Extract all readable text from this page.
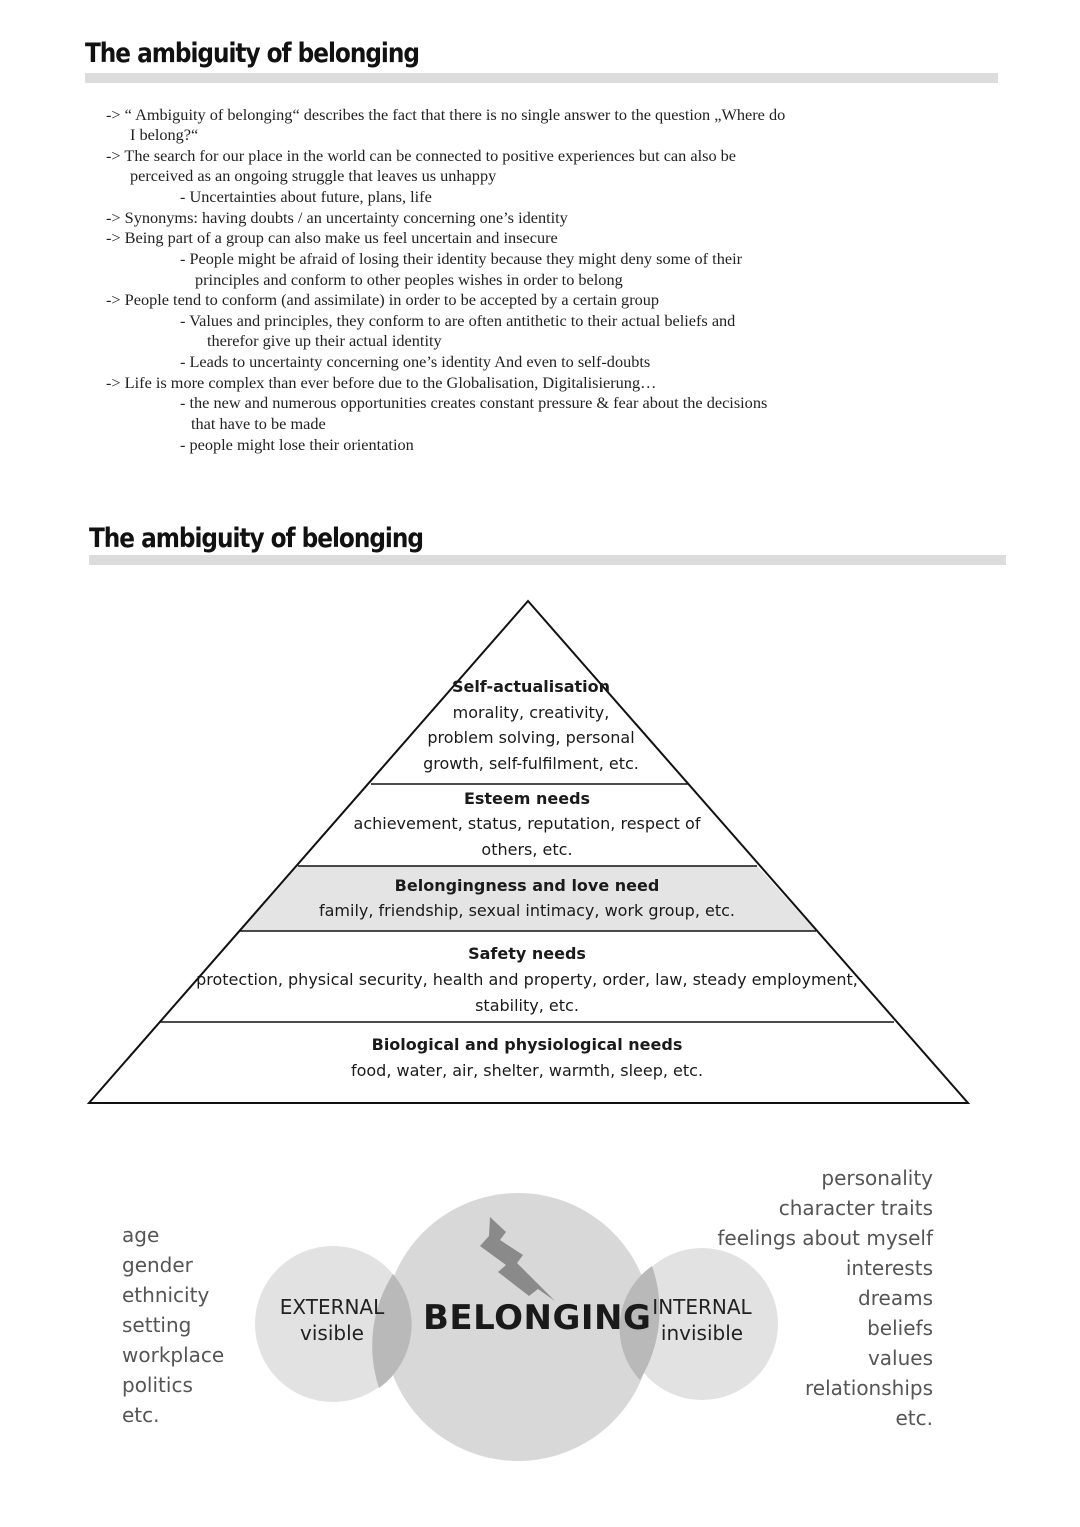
The ambiguity of belonging
-> “ Ambiguity of belonging“ describes the fact that there is no single answer to the question „Where do
I belong?“
-> The search for our place in the world can be connected to positive experiences but can also be
perceived as an ongoing struggle that leaves us unhappy
- Uncertainties about future, plans, life
-> Synonyms: having doubts / an uncertainty concerning one’s identity
-> Being part of a group can also make us feel uncertain and insecure
- People might be afraid of losing their identity because they might deny some of their
principles and conform to other peoples wishes in order to belong
-> People tend to conform (and assimilate) in order to be accepted by a certain group
- Values and principles, they conform to are often antithetic to their actual beliefs and
therefor give up their actual identity
- Leads to uncertainty concerning one’s identity And even to self-doubts
-> Life is more complex than ever before due to the Globalisation, Digitalisierung…
- the new and numerous opportunities creates constant pressure & fear about the decisions
that have to be made
- people might lose their orientation
The ambiguity of belonging
Self-actualisation
morality, creativity,
problem solving, personal
growth, self-fulfilment, etc.
Esteem needs
achievement, status, reputation, respect of
others, etc.
Belongingness and love need
family, friendship, sexual intimacy, work group, etc.
Safety needs
protection, physical security, health and property, order, law, steady employment,
stability, etc.
Biological and physiological needs
food, water, air, shelter, warmth, sleep, etc.
BELONGING
EXTERNAL
visible
INTERNAL
invisible
age
gender
ethnicity
setting
workplace
politics
etc.
personality
character traits
feelings about myself
interests
dreams
beliefs
values
relationships
etc.
